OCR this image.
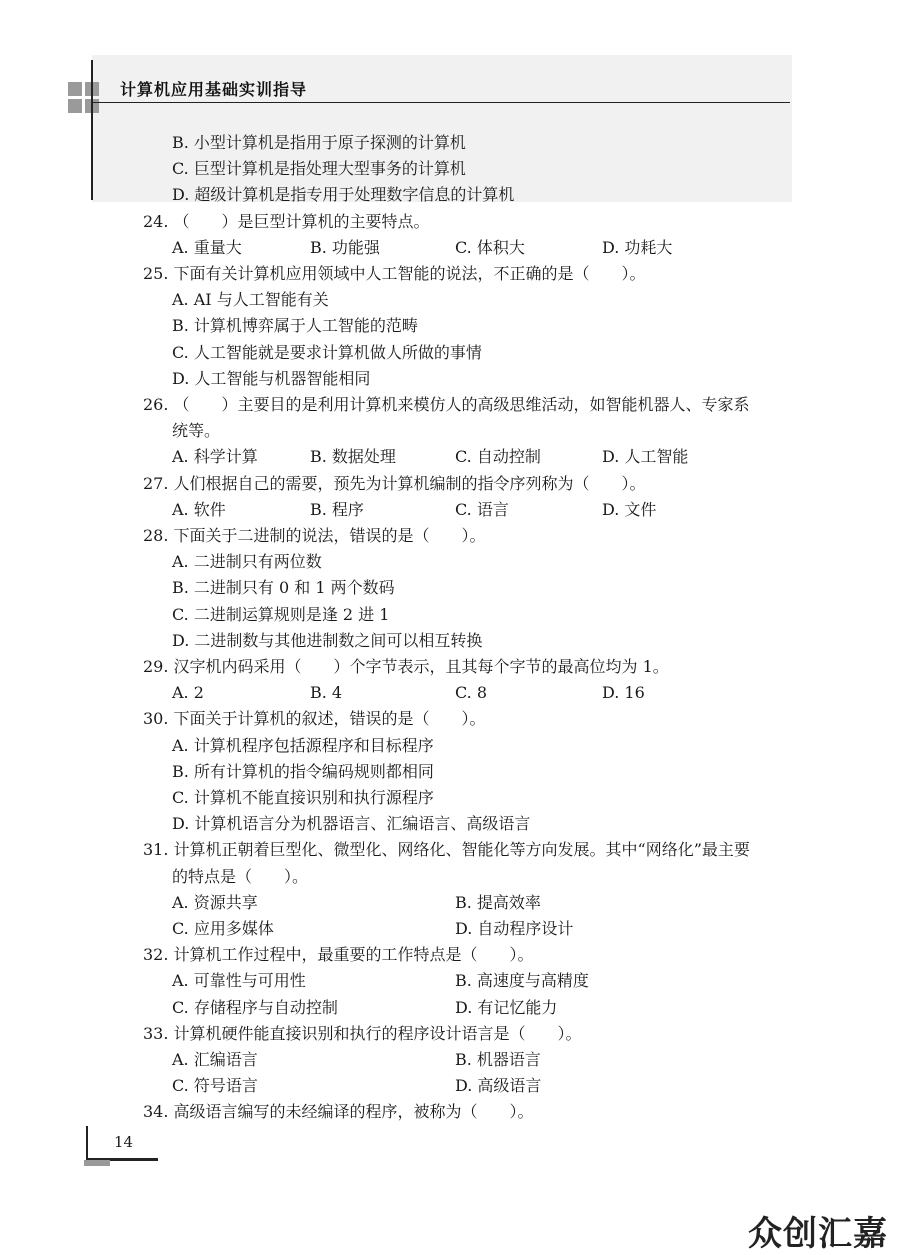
计算机应用基础实训指导
B. 小型计算机是指用于原子探测的计算机
C. 巨型计算机是指处理大型事务的计算机
D. 超级计算机是指专用于处理数字信息的计算机
24. （　　）是巨型计算机的主要特点。
A. 重量大	B. 功能强	C. 体积大	D. 功耗大
25. 下面有关计算机应用领域中人工智能的说法，不正确的是（　　）。
A. AI 与人工智能有关
B. 计算机博弈属于人工智能的范畴
C. 人工智能就是要求计算机做人所做的事情
D. 人工智能与机器智能相同
26. （　　）主要目的是利用计算机来模仿人的高级思维活动，如智能机器人、专家系
统等。
A. 科学计算	B. 数据处理	C. 自动控制	D. 人工智能
27. 人们根据自己的需要，预先为计算机编制的指令序列称为（　　）。
A. 软件	B. 程序	C. 语言	D. 文件
28. 下面关于二进制的说法，错误的是（　　）。
A. 二进制只有两位数
B. 二进制只有 0 和 1 两个数码
C. 二进制运算规则是逢 2 进 1
D. 二进制数与其他进制数之间可以相互转换
29. 汉字机内码采用（　　）个字节表示，且其每个字节的最高位均为 1。
A. 2	B. 4	C. 8	D. 16
30. 下面关于计算机的叙述，错误的是（　　）。
A. 计算机程序包括源程序和目标程序
B. 所有计算机的指令编码规则都相同
C. 计算机不能直接识别和执行源程序
D. 计算机语言分为机器语言、汇编语言、高级语言
31. 计算机正朝着巨型化、微型化、网络化、智能化等方向发展。其中“网络化”最主要
的特点是（　　）。
A. 资源共享	B. 提高效率
C. 应用多媒体	D. 自动程序设计
32. 计算机工作过程中，最重要的工作特点是（　　）。
A. 可靠性与可用性	B. 高速度与高精度
C. 存储程序与自动控制	D. 有记忆能力
33. 计算机硬件能直接识别和执行的程序设计语言是（　　）。
A. 汇编语言	B. 机器语言
C. 符号语言	D. 高级语言
34. 高级语言编写的未经编译的程序，被称为（　　）。
14
众创汇嘉
